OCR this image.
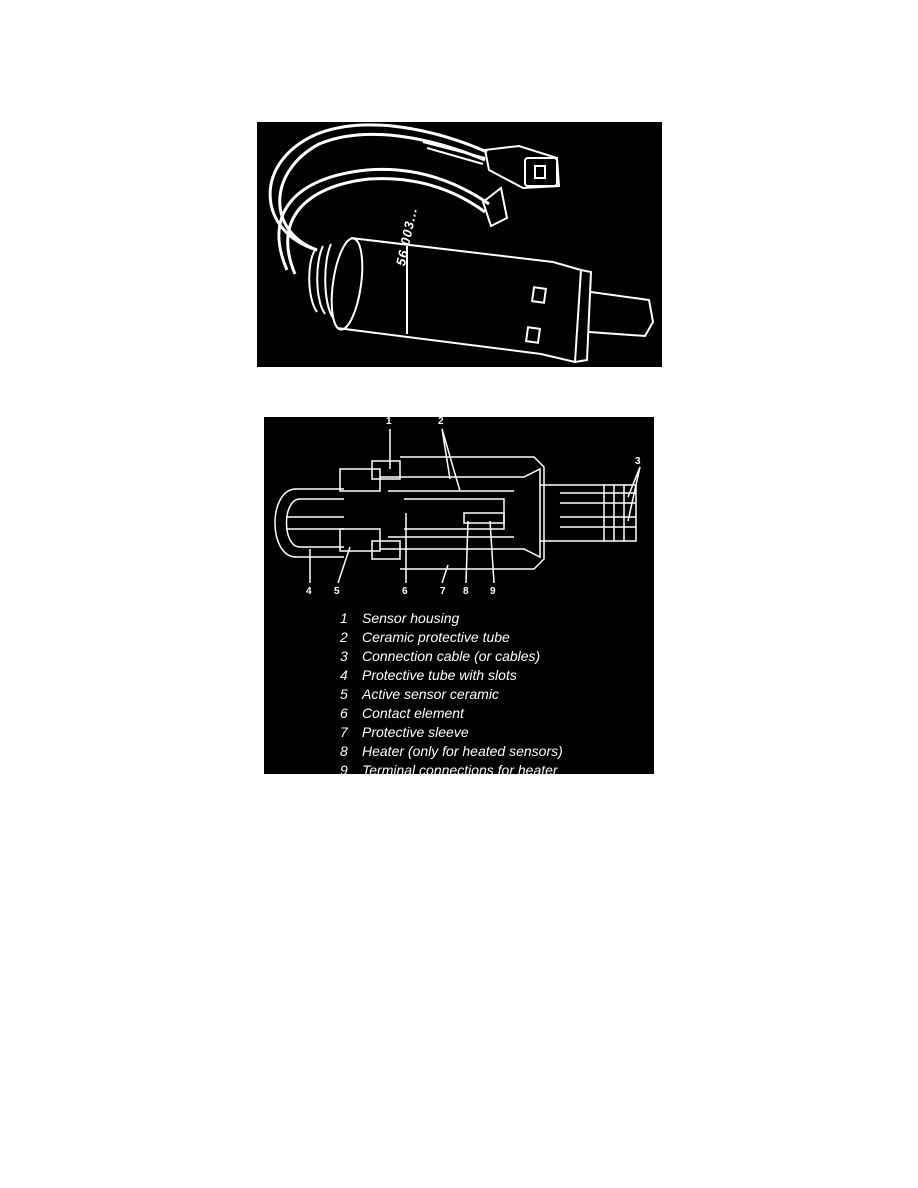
56 003...
1	2
3
4 5	6	7 8 9
1 Sensor housing
2 Ceramic protective tube
3 Connection cable (or cables)
4 Protective tube with slots
5 Active sensor ceramic
6 Contact element
7 Protective sleeve
8 Heater (only for heated sensors)
9 Terminal connections for heater
